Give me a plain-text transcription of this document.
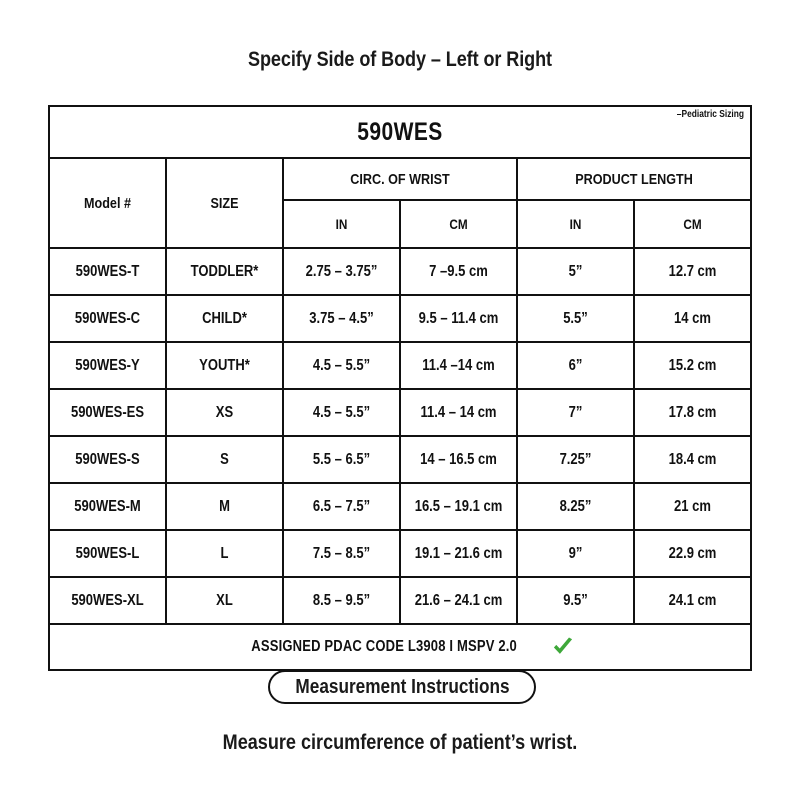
Specify Side of Body – Left or Right
590WES
–Pediatric Sizing					

Model #	SIZE	CIRC. OF WRIST		PRODUCT LENGTH	

		IN	CM	IN	CM

590WES-T	TODDLER*	2.75 – 3.75”	7 –9.5 cm	5”	12.7 cm

590WES-C	CHILD*	3.75 – 4.5”	9.5 – 11.4 cm	5.5”	14 cm

590WES-Y	YOUTH*	4.5 – 5.5”	11.4 –14 cm	6”	15.2 cm

590WES-ES	XS	4.5 – 5.5”	11.4 – 14 cm	7”	17.8 cm

590WES-S	S	5.5 – 6.5”	14 – 16.5 cm	7.25”	18.4 cm

590WES-M	M	6.5 – 7.5”	16.5 – 19.1 cm	8.25”	21 cm

590WES-L	L	7.5 – 8.5”	19.1 – 21.6 cm	9”	22.9 cm

590WES-XL	XL	8.5 – 9.5”	21.6 – 24.1 cm	9.5”	24.1 cm

ASSIGNED PDAC CODE L3908 I MSPV 2.0					
Measurement Instructions
Measure circumference of patient’s wrist.
